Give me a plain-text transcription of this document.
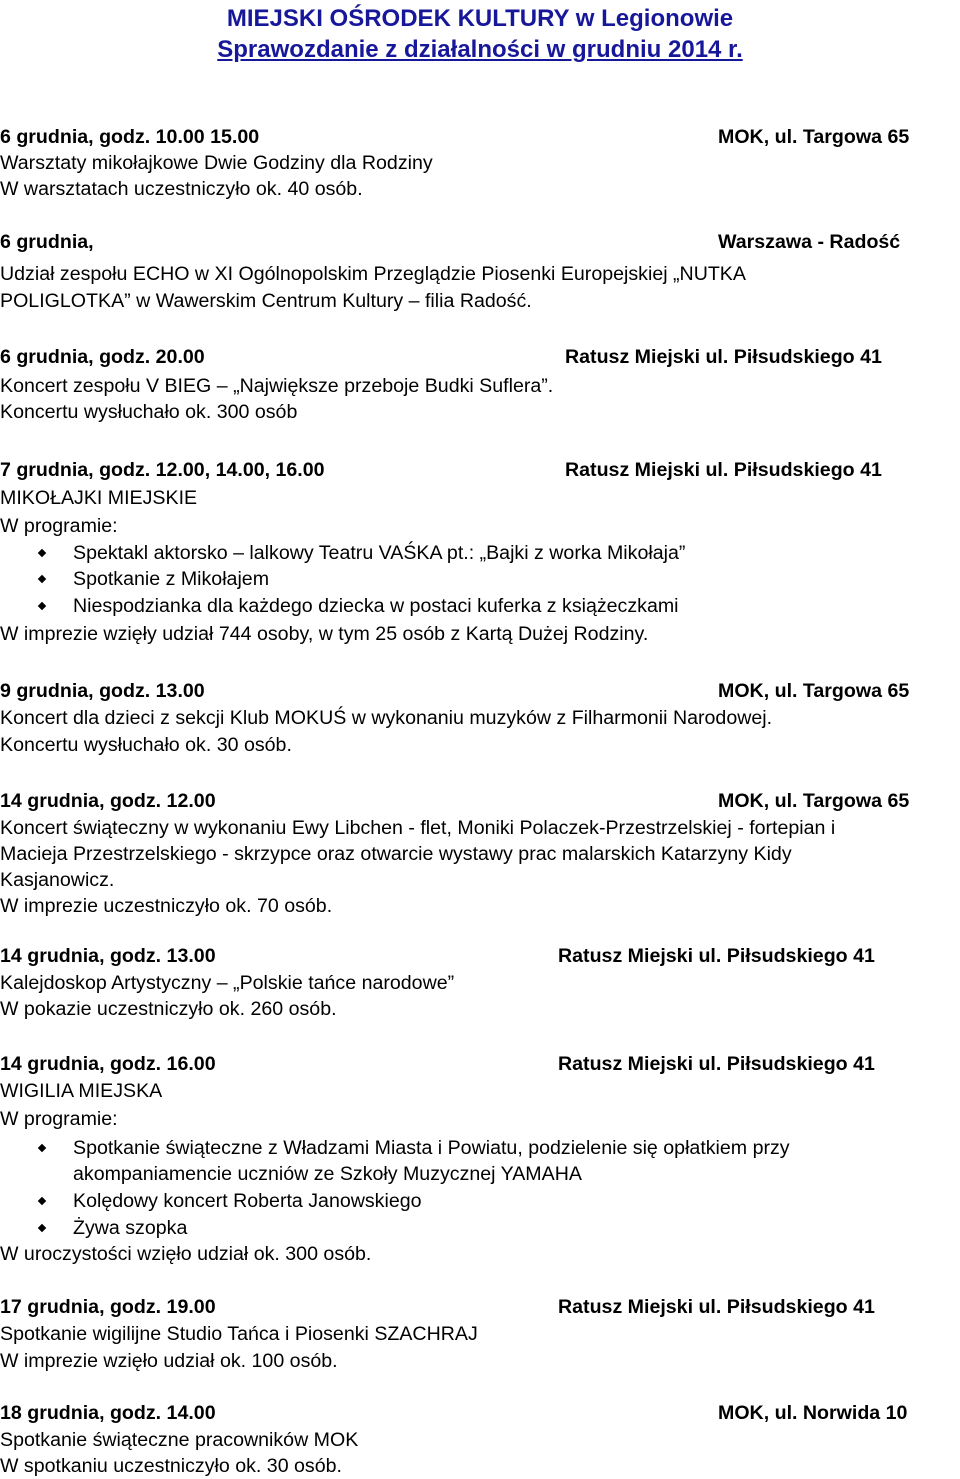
MIEJSKI OŚRODEK KULTURY w Legionowie
Sprawozdanie z działalności w grudniu 2014 r.
6 grudnia, godz. 10.00 15.00	MOK, ul. Targowa 65
Warsztaty mikołajkowe Dwie Godziny dla Rodziny
W warsztatach uczestniczyło ok. 40 osób.
6 grudnia,	Warszawa - Radość
Udział zespołu ECHO w XI Ogólnopolskim Przeglądzie Piosenki Europejskiej „NUTKA
POLIGLOTKA” w Wawerskim Centrum Kultury – filia Radość.
6 grudnia, godz. 20.00	Ratusz Miejski ul. Piłsudskiego 41
Koncert zespołu V BIEG – „Największe przeboje Budki Suflera”.
Koncertu wysłuchało ok. 300 osób
7 grudnia, godz. 12.00, 14.00, 16.00	Ratusz Miejski ul. Piłsudskiego 41
MIKOŁAJKI MIEJSKIE
W programie:
Spektakl aktorsko – lalkowy Teatru VAŚKA pt.: „Bajki z worka Mikołaja”
Spotkanie z Mikołajem
Niespodzianka dla każdego dziecka w postaci kuferka z książeczkami
W imprezie wzięły udział 744 osoby, w tym 25 osób z Kartą Dużej Rodziny.
9 grudnia, godz. 13.00	MOK, ul. Targowa 65
Koncert dla dzieci z sekcji Klub MOKUŚ w wykonaniu muzyków z Filharmonii Narodowej.
Koncertu wysłuchało ok. 30 osób.
14 grudnia, godz. 12.00	MOK, ul. Targowa 65
Koncert świąteczny w wykonaniu Ewy Libchen - flet, Moniki Polaczek-Przestrzelskiej - fortepian i
Macieja Przestrzelskiego - skrzypce oraz otwarcie wystawy prac malarskich Katarzyny Kidy
Kasjanowicz.
W imprezie uczestniczyło ok. 70 osób.
14 grudnia, godz. 13.00	Ratusz Miejski ul. Piłsudskiego 41
Kalejdoskop Artystyczny – „Polskie tańce narodowe”
W pokazie uczestniczyło ok. 260 osób.
14 grudnia, godz. 16.00	Ratusz Miejski ul. Piłsudskiego 41
WIGILIA MIEJSKA
W programie:
Spotkanie świąteczne z Władzami Miasta i Powiatu, podzielenie się opłatkiem przy
akompaniamencie uczniów ze Szkoły Muzycznej YAMAHA
Kolędowy koncert Roberta Janowskiego
Żywa szopka
W uroczystości wzięło udział ok. 300 osób.
17 grudnia, godz. 19.00	Ratusz Miejski ul. Piłsudskiego 41
Spotkanie wigilijne Studio Tańca i Piosenki SZACHRAJ
W imprezie wzięło udział ok. 100 osób.
18 grudnia, godz. 14.00	MOK, ul. Norwida 10
Spotkanie świąteczne pracowników MOK
W spotkaniu uczestniczyło ok. 30 osób.
